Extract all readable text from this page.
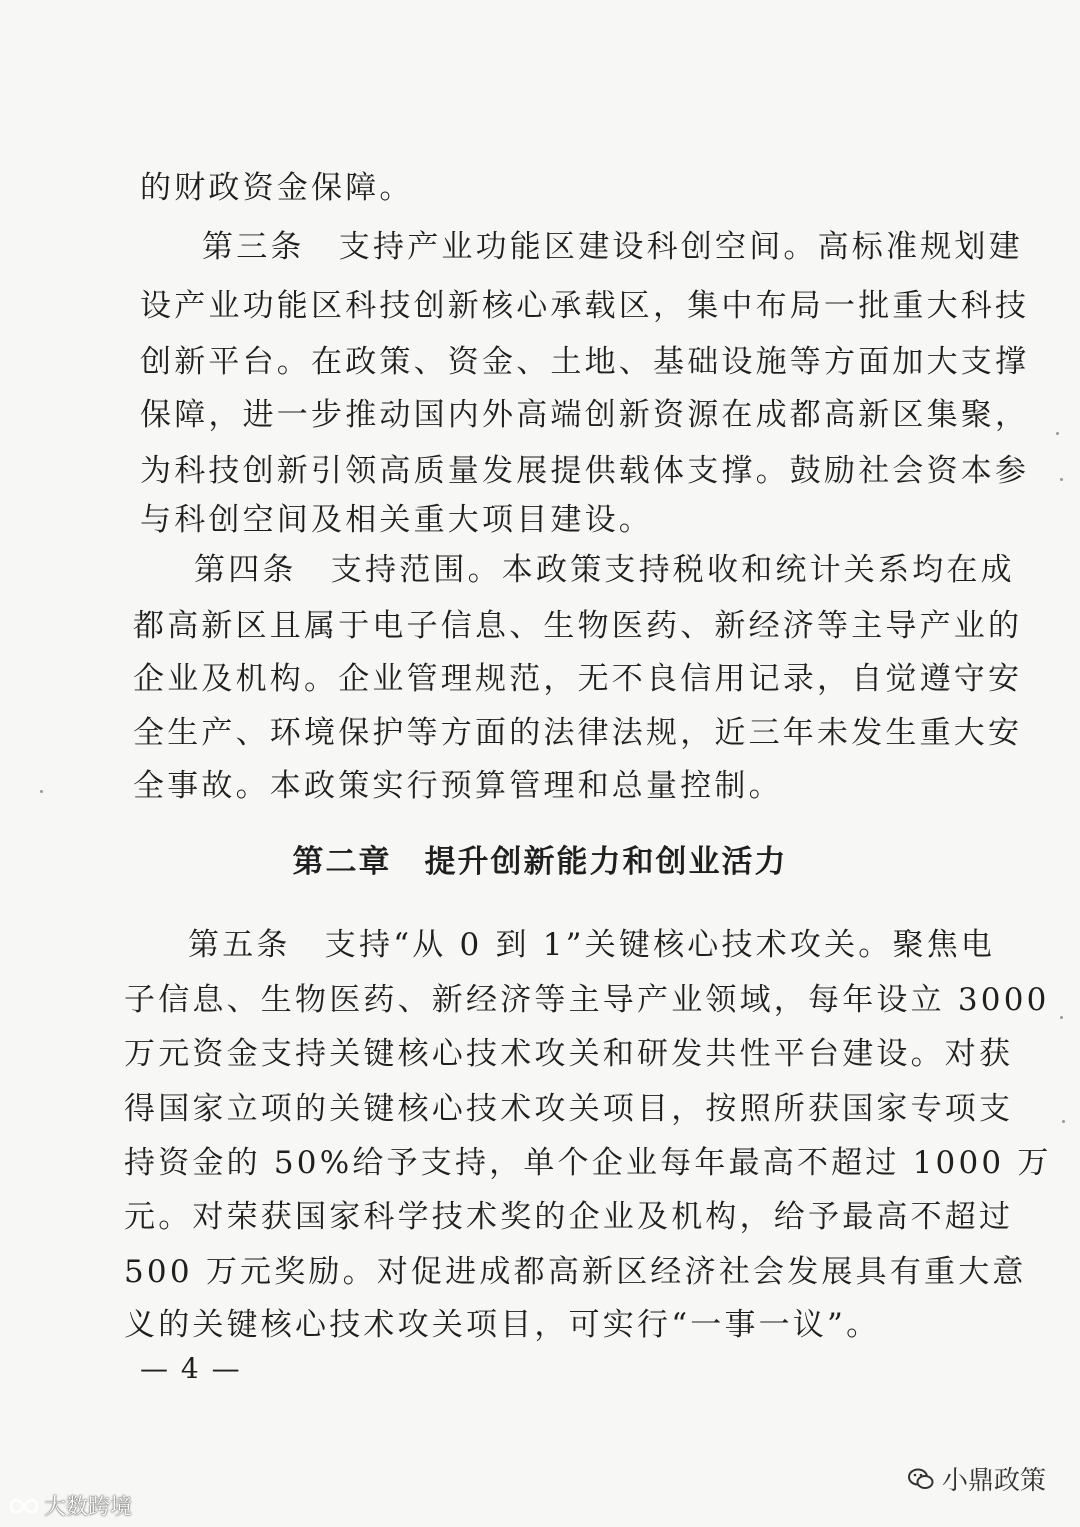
的财政资金保障。
第三条　支持产业功能区建设科创空间。高标准规划建
设产业功能区科技创新核心承载区，集中布局一批重大科技
创新平台。在政策、资金、土地、基础设施等方面加大支撑
保障，进一步推动国内外高端创新资源在成都高新区集聚，
为科技创新引领高质量发展提供载体支撑。鼓励社会资本参
与科创空间及相关重大项目建设。
第四条　支持范围。本政策支持税收和统计关系均在成
都高新区且属于电子信息、生物医药、新经济等主导产业的
企业及机构。企业管理规范，无不良信用记录，自觉遵守安
全生产、环境保护等方面的法律法规，近三年未发生重大安
全事故。本政策实行预算管理和总量控制。
第二章　提升创新能力和创业活力
第五条　支持“从 0 到 1”关键核心技术攻关。聚焦电
子信息、生物医药、新经济等主导产业领域，每年设立 3000
万元资金支持关键核心技术攻关和研发共性平台建设。对获
得国家立项的关键核心技术攻关项目，按照所获国家专项支
持资金的 50%给予支持，单个企业每年最高不超过 1000 万
元。对荣获国家科学技术奖的企业及机构，给予最高不超过
500 万元奖励。对促进成都高新区经济社会发展具有重大意
义的关键核心技术攻关项目，可实行“一事一议”。
— 4 —
大数跨境
小鼎政策
